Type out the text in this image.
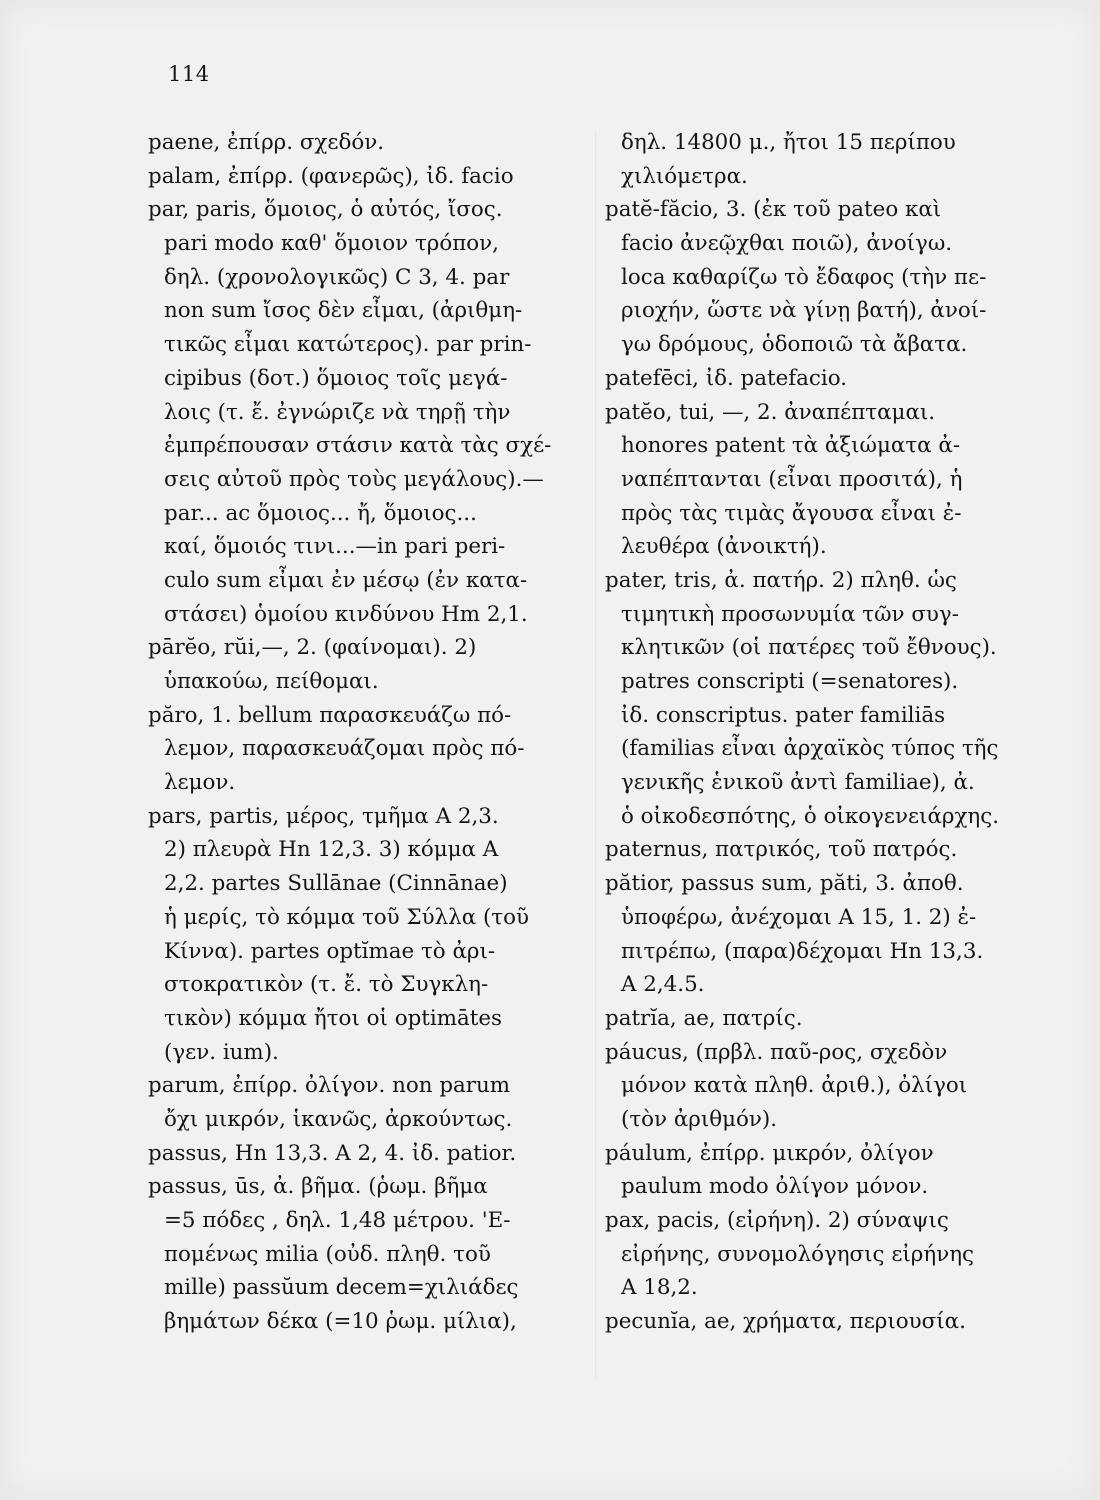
114
paene, ἐπίρρ. σχεδόν.
palam, ἐπίρρ. (φανερῶς), ἰδ. facio
par, paris, ὅμοιος, ὁ αὐτός, ἴσος.
pari modo καθ' ὅμοιον τρόπον,
δηλ. (χρονολογικῶς) C 3, 4. par
non sum ἴσος δὲν εἶμαι, (ἀριθμη-
τικῶς εἶμαι κατώτερος). par prin-
cipibus (δοτ.) ὅμοιος τοῖς μεγά-
λοις (τ. ἔ. ἐγνώριζε νὰ τηρῇ τὴν
ἐμπρέπουσαν στάσιν κατὰ τὰς σχέ-
σεις αὐτοῦ πρὸς τοὺς μεγάλους).—
par... ac ὅμοιος... ἤ, ὅμοιος...
καί, ὅμοιός τινι...—in pari peri-
culo sum εἶμαι ἐν μέσῳ (ἐν κατα-
στάσει) ὁμοίου κινδύνου Hm 2,1.
pārĕo, rŭi,—, 2. (φαίνομαι). 2)
ὑπακούω, πείθομαι.
păro, 1. bellum παρασκευάζω πό-
λεμον, παρασκευάζομαι πρὸς πό-
λεμον.
pars, partis, μέρος, τμῆμα A 2,3.
2) πλευρὰ Hn 12,3. 3) κόμμα A
2,2. partes Sullānae (Cinnānae)
ἡ μερίς, τὸ κόμμα τοῦ Σύλλα (τοῦ
Κίννα). partes optĭmae τὸ ἀρι-
στοκρατικὸν (τ. ἔ. τὸ Συγκλη-
τικὸν) κόμμα ἤτοι οἱ optimātes
(γεν. ium).
parum, ἐπίρρ. ὀλίγον. non parum
ὄχι μικρόν, ἱκανῶς, ἀρκούντως.
passus, Hn 13,3. A 2, 4. ἰδ. patior.
passus, ūs, ἀ. βῆμα. (ῥωμ. βῆμα
=5 πόδες , δηλ. 1,48 μέτρου. 'Ε-
πομένως milia (οὐδ. πληθ. τοῦ
mille) passŭum decem=χιλιάδες
βημάτων δέκα (=10 ῥωμ. μίλια),
δηλ. 14800 μ., ἤτοι 15 περίπου
χιλιόμετρα.
patĕ-făcio, 3. (ἐκ τοῦ pateo καὶ
facio ἀνεῷχθαι ποιῶ), ἀνοίγω.
loca καθαρίζω τὸ ἔδαφος (τὴν πε-
ριοχήν, ὥστε νὰ γίνῃ βατή), ἀνοί-
γω δρόμους, ὁδοποιῶ τὰ ἄβατα.
patefēci, ἰδ. patefacio.
patĕo, tui, —, 2. ἀναπέπταμαι.
honores patent τὰ ἀξιώματα ἀ-
ναπέπτανται (εἶναι προσιτά), ἡ
πρὸς τὰς τιμὰς ἄγουσα εἶναι ἐ-
λευθέρα (ἀνοικτή).
pater, tris, ἀ. πατήρ. 2) πληθ. ὡς
τιμητικὴ προσωνυμία τῶν συγ-
κλητικῶν (οἱ πατέρες τοῦ ἔθνους).
patres conscripti (=senatores).
ἰδ. conscriptus. pater familiās
(familias εἶναι ἀρχαϊκὸς τύπος τῆς
γενικῆς ἑνικοῦ ἀντὶ familiae), ἀ.
ὁ οἰκοδεσπότης, ὁ οἰκογενειάρχης.
paternus, πατρικός, τοῦ πατρός.
pătior, passus sum, păti, 3. ἀποθ.
ὑποφέρω, ἀνέχομαι A 15, 1. 2) ἐ-
πιτρέπω, (παρα)δέχομαι Hn 13,3.
A 2,4.5.
patrĭa, ae, πατρίς.
páucus, (πρβλ. παῦ-ρος, σχεδὸν
μόνον κατὰ πληθ. ἀριθ.), ὀλίγοι
(τὸν ἀριθμόν).
páulum, ἐπίρρ. μικρόν, ὀλίγον
paulum modo ὀλίγον μόνον.
pax, pacis, (εἰρήνη). 2) σύναψις
εἰρήνης, συνομολόγησις εἰρήνης
A 18,2.
pecunĭa, ae, χρήματα, περιουσία.
